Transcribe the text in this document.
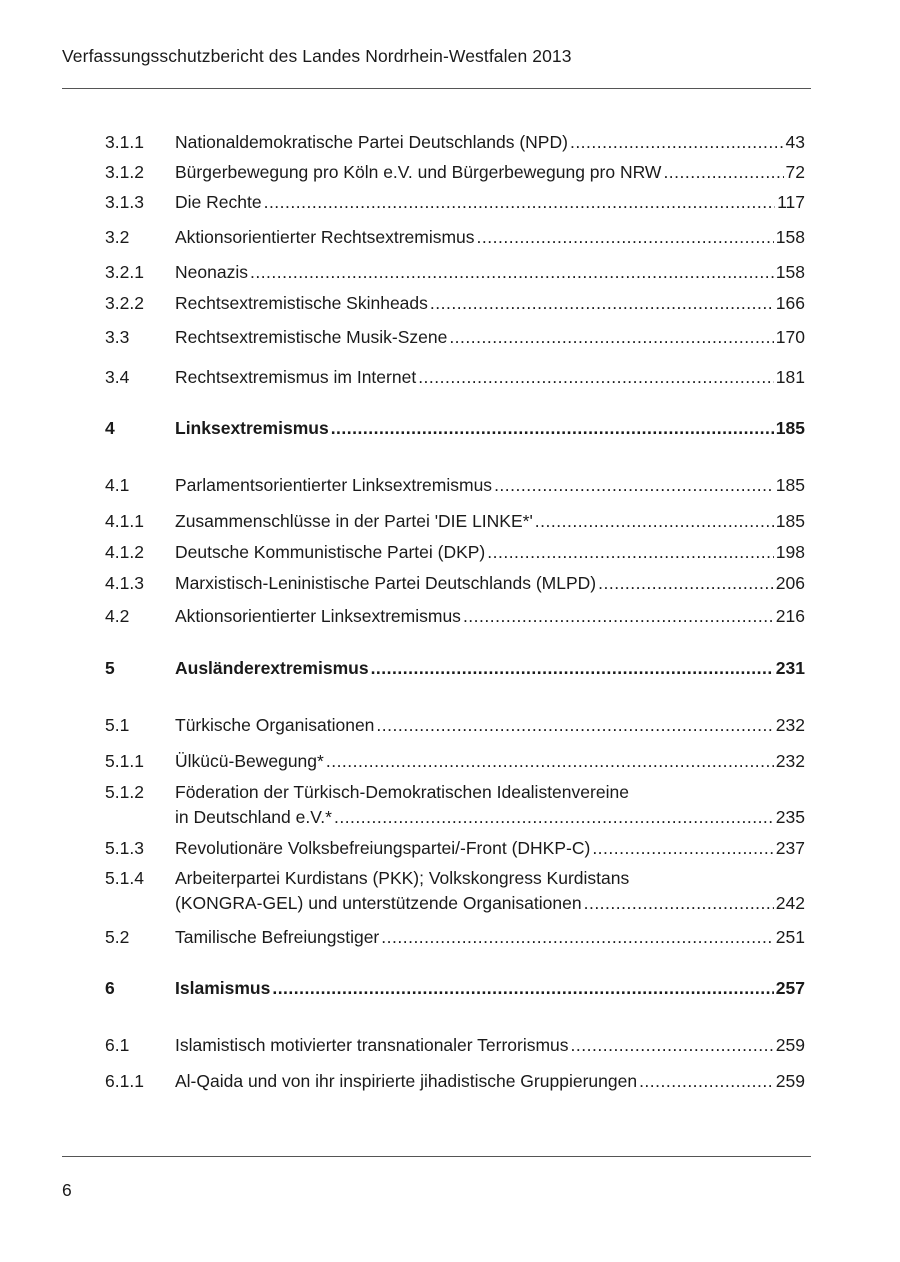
Verfassungsschutzbericht des Landes Nordrhein-Westfalen 2013
3.1.1 Nationaldemokratische Partei Deutschlands (NPD) .....	43
3.1.2 Bürgerbewegung pro Köln e.V. und Bürgerbewegung pro NRW .....	72
3.1.3 Die Rechte .....	117
3.2	Aktionsorientierter Rechtsextremismus .....	158
3.2.1 Neonazis .....	158
3.2.2 Rechtsextremistische Skinheads .....	166
3.3	Rechtsextremistische Musik-Szene .....	170
3.4	Rechtsextremismus im Internet .....	181
4	Linksextremismus .....	185
4.1	Parlamentsorientierter Linksextremismus .....	185
4.1.1 Zusammenschlüsse in der Partei 'DIE LINKE*' .....	185
4.1.2 Deutsche Kommunistische Partei (DKP) .....	198
4.1.3 Marxistisch-Leninistische Partei Deutschlands (MLPD) .....	206
4.2	Aktionsorientierter Linksextremismus .....	216
5	Ausländerextremismus .....	231
5.1	Türkische Organisationen .....	232
5.1.1 Ülkücü-Bewegung* .....	232
5.1.2 Föderation der Türkisch-Demokratischen Idealistenvereine
in Deutschland e.V.* .....	235
5.1.3 Revolutionäre Volksbefreiungspartei/-Front (DHKP-C) .....	237
5.1.4 Arbeiterpartei Kurdistans (PKK); Volkskongress Kurdistans
(KONGRA-GEL) und unterstützende Organisationen .....	242
5.2	Tamilische Befreiungstiger .....	251
6	Islamismus .....	257
6.1	Islamistisch motivierter transnationaler Terrorismus .....	259
6.1.1 Al-Qaida und von ihr inspirierte jihadistische Gruppierungen .....	259
6
